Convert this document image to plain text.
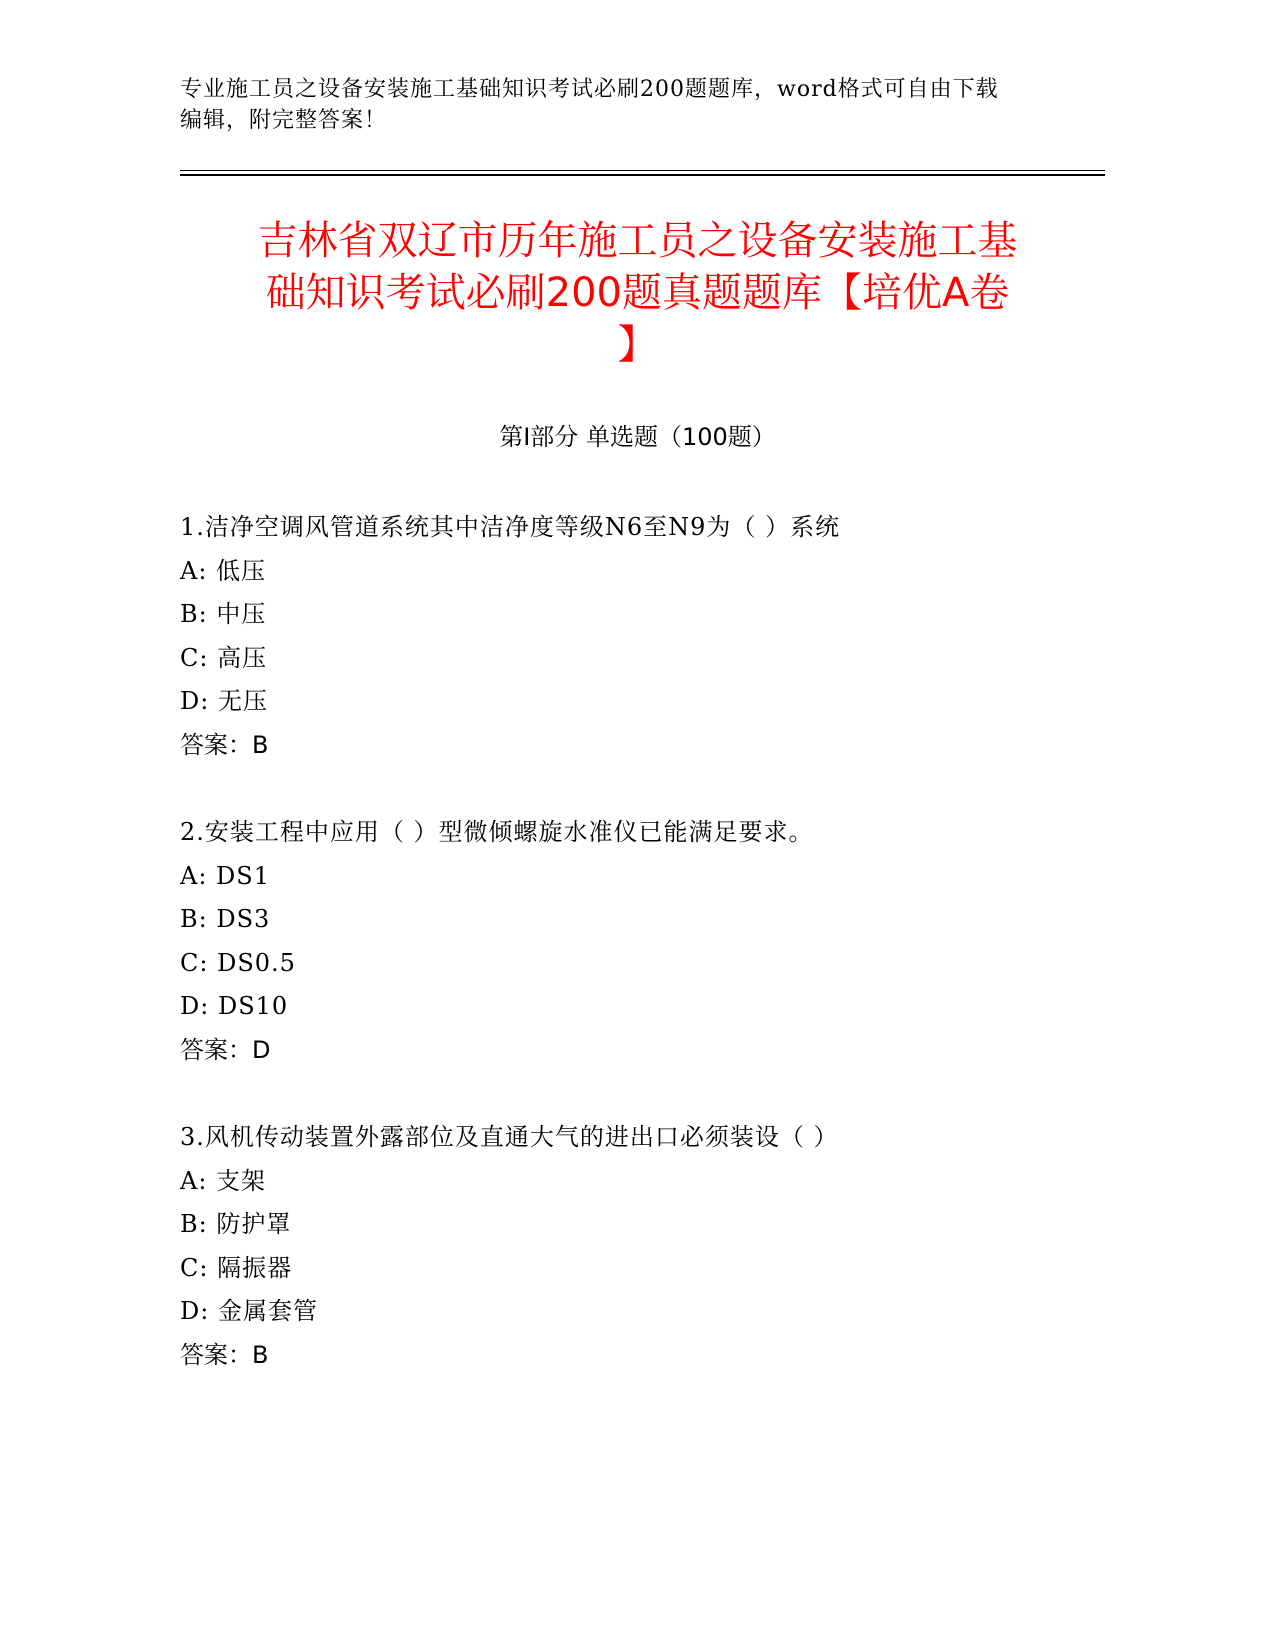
专业施工员之设备安装施工基础知识考试必刷200题题库，word格式可自由下载
编辑，附完整答案！
吉林省双辽市历年施工员之设备安装施工基
础知识考试必刷200题真题题库【培优A卷
】
第Ⅰ部分 单选题（100题）
1.洁净空调风管道系统其中洁净度等级N6至N9为（ ）系统
A: 低压
B: 中压
C: 高压
D: 无压
答案：B
2.安装工程中应用（ ）型微倾螺旋水准仪已能满足要求。
A: DS1
B: DS3
C: DS0.5
D: DS10
答案：D
3.风机传动装置外露部位及直通大气的进出口必须装设（ ）
A: 支架
B: 防护罩
C: 隔振器
D: 金属套管
答案：B
